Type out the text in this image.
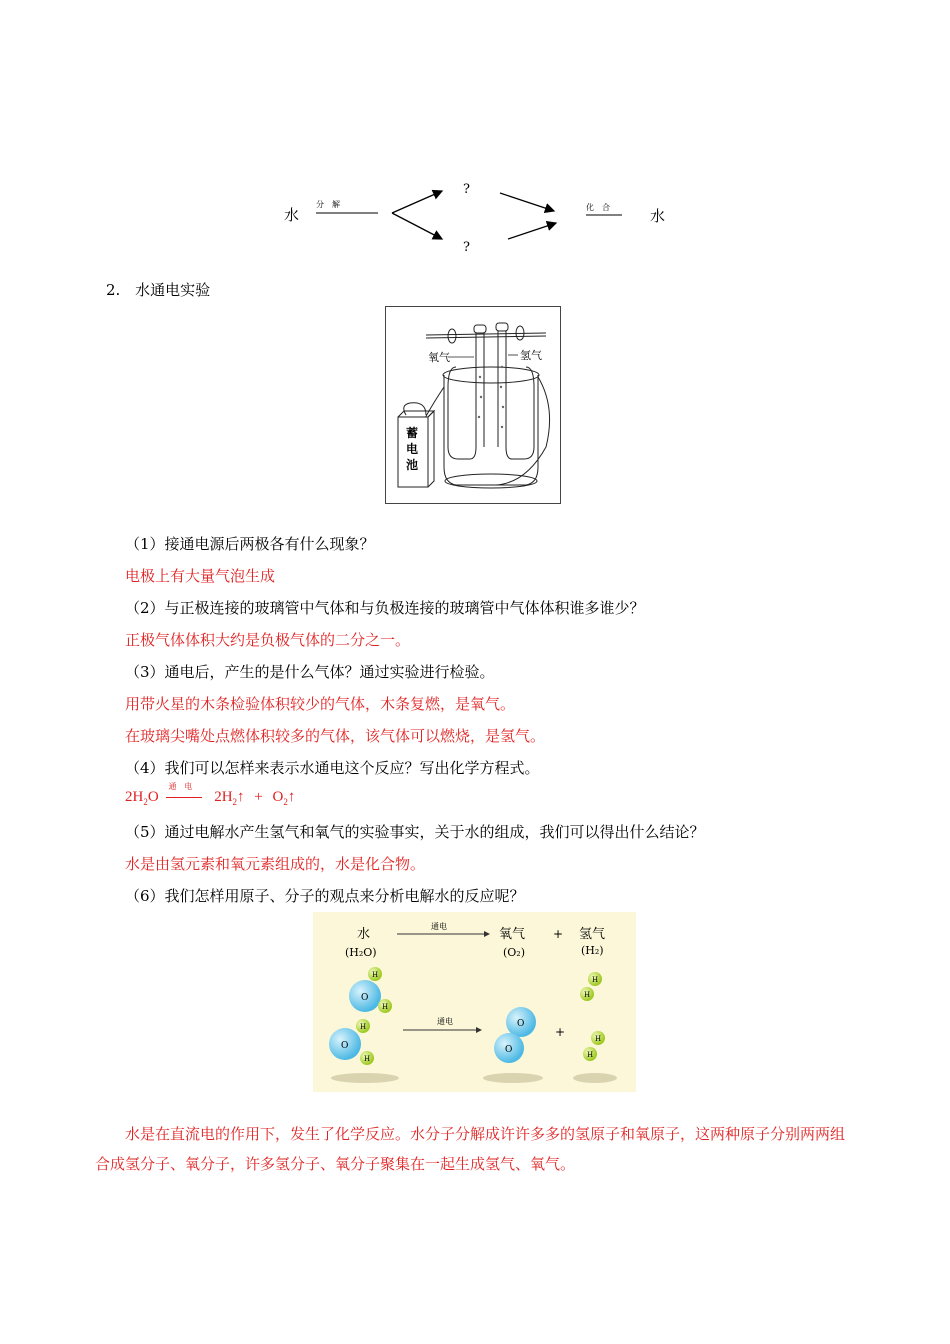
水
分　解
?
?
化　合	水
2. 水通电实验
氧气	氢气
蓄
电
池
（1）接通电源后两极各有什么现象？
电极上有大量气泡生成
（2）与正极连接的玻璃管中气体和与负极连接的玻璃管中气体体积谁多谁少？
正极气体体积大约是负极气体的二分之一。
（3）通电后，产生的是什么气体？通过实验进行检验。
用带火星的木条检验体积较少的气体，木条复燃，是氧气。
在玻璃尖嘴处点燃体积较多的气体，该气体可以燃烧，是氢气。
（4）我们可以怎样来表示水通电这个反应？写出化学方程式。
$2H_2O$
通　电
$2H_2↑$ + $O_2↑$
（5）通过电解水产生氢气和氧气的实验事实，关于水的组成，我们可以得出什么结论？
水是由氢元素和氧元素组成的，水是化合物。
（6）我们怎样用原子、分子的观点来分析电解水的反应呢？
水
(H₂O)
通电
氧气
(O₂)
+ 氢气
(H₂)
O
H
H
O
H
H
通电	O
O
+
H
H
H
H
水是在直流电的作用下，发生了化学反应。水分子分解成许许多多的氢原子和氧原子，这两种原子分别两两组合成氢分子、氧分子，许多氢分子、氧分子聚集在一起生成氢气、氧气。
